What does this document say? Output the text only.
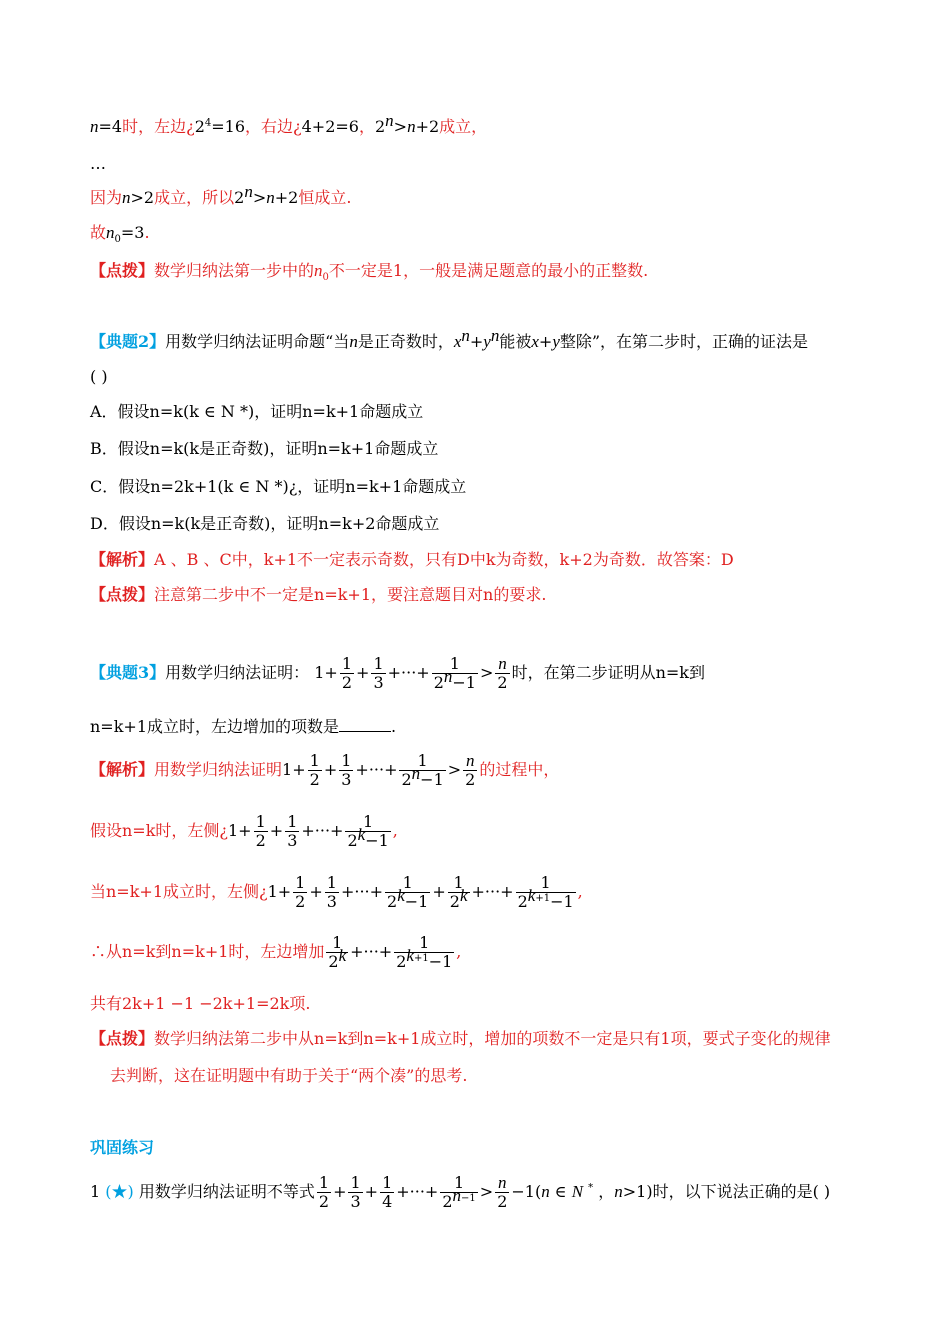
n=4时，左边¿$2^4=16$，右边¿4+2=6，$2^n>n+2$成立，
…
因为n>2成立，所以$2^n>n+2$恒成立.
故$n_0=3$.
【点拨】数学归纳法第一步中的$n_0$不一定是1，一般是满足题意的最小的正整数.
【典题2】用数学归纳法证明命题“当n是正奇数时，$x^n+y^n$能被x+y整除”，在第二步时，正确的证法是
( )
A．假设n=k(k ∈ N *)，证明n=k+1命题成立
B．假设n=k(k是正奇数)，证明n=k+1命题成立
C．假设n=2k+1(k ∈ N *)¿，证明n=k+1命题成立
D．假设n=k(k是正奇数)，证明n=k+2命题成立
【解析】A 、B 、C中，k+1不一定表示奇数，只有D中k为奇数，k+2为奇数．故答案：D
【点拨】注意第二步中不一定是n=k+1，要注意题目对n的要求.
【典题3】用数学归纳法证明： $1+ \frac{1}{2} + \frac{1}{3}$ +···+ $\frac{1}{2^n-1} > \frac{n}{2}$ 时，在第二步证明从n=k到
n=k+1成立时，左边增加的项数是	.
【解析】用数学归纳法证明$1+ \frac{1}{2} + \frac{1}{3}$ +···+ $\frac{1}{2^n-1} > \frac{n}{2}$ 的过程中，
假设n=k时，左侧¿$1+ \frac{1}{2} + \frac{1}{3}$ +···+ $\frac{1}{2^k-1}$ ,
当n=k+1成立时，左侧¿$1+ \frac{1}{2} + \frac{1}{3}$ +···+ $\frac{1}{2^k-1} + \frac{1}{2^k}$ +···+ $\frac{1}{2^{k+1}-1}$ ,
∴从n=k到n=k+1时，左边增加 $\frac{1}{2^k}$ +···+ $\frac{1}{2^{k+1}-1}$ ,
共有2k+1 −1 −2k+1=2k项.
【点拨】数学归纳法第二步中从n=k到n=k+1成立时，增加的项数不一定是只有1项，要式子变化的规律
去判断，这在证明题中有助于关于“两个凑”的思考.
巩固练习
1 (★) 用数学归纳法证明不等式 $\frac{1}{2} + \frac{1}{3} + \frac{1}{4}$ +···+ $\frac{1}{2^{n-1}} > \frac{n}{2} -1(n$ ∈ N * ，n>1)时，以下说法正确的是( )
